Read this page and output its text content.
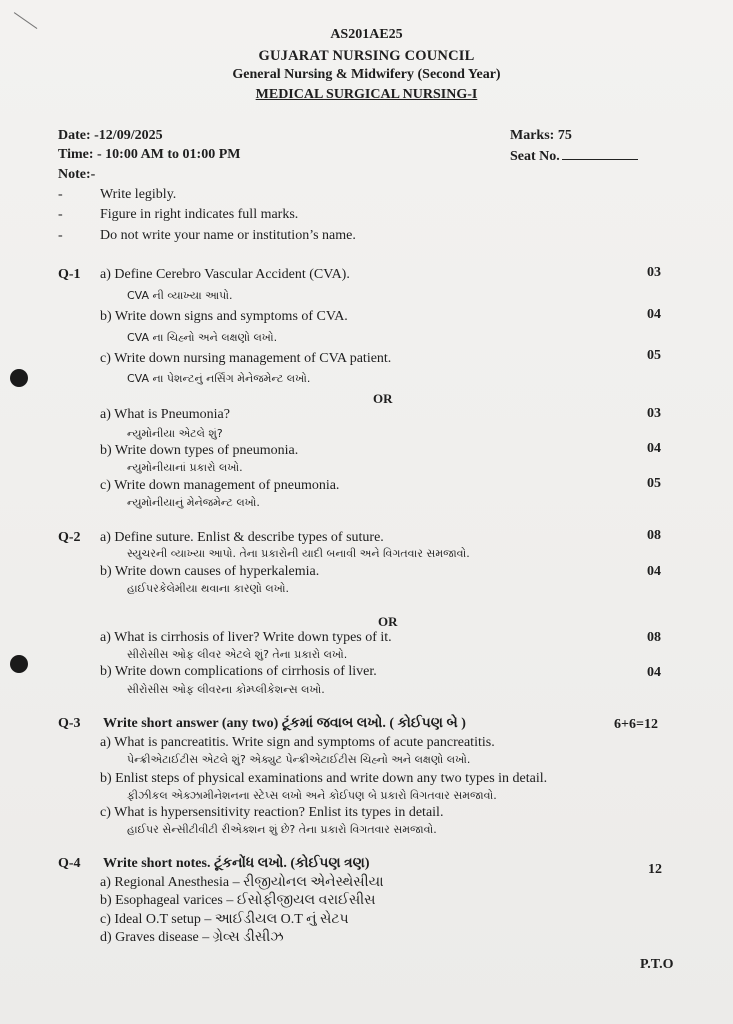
AS201AE25
GUJARAT NURSING COUNCIL
General Nursing & Midwifery (Second Year)
MEDICAL SURGICAL NURSING-I
Date: -12/09/2025	Marks: 75
Time: - 10:00 AM to 01:00 PM	Seat No.
Note:-
-	Write legibly.
-	Figure in right indicates full marks.
-	Do not write your name or institution’s name.
Q-1 a) Define Cerebro Vascular Accident (CVA).	03
CVA ની વ્યાખ્યા આપો.
b) Write down signs and symptoms of CVA.	04
CVA ના ચિહ્નો અને લક્ષણો લખો.
c) Write down nursing management of CVA patient.	05
CVA ના પેશન્ટનું નર્સિંગ મેનેજમેન્ટ લખો.
OR
a) What is Pneumonia?	03
ન્યુમોનીયા એટલે શું?
b) Write down types of pneumonia.	04
ન્યુમોનીયાનાં પ્રકારો લખો.
c) Write down management of pneumonia.	05
ન્યુમોનીયાનું મેનેજમેન્ટ લખો.
Q-2 a) Define suture. Enlist & describe types of suture.	08
સ્યુચરની વ્યાખ્યા આપો. તેના પ્રકારોની યાદી બનાવી અને વિગતવાર સમજાવો.
b) Write down causes of hyperkalemia.	04
હાઈપરકેલેમીયા થવાના કારણો લખો.
OR
a) What is cirrhosis of liver? Write down types of it.	08
સીરોસીસ ઓફ લીવર એટલે શું? તેના પ્રકારો લખો.
b) Write down complications of cirrhosis of liver.	04
સીરોસીસ ઓફ લીવરના કોમ્પ્લીકેશન્સ લખો.
Q-3 Write short answer (any two) ટૂંકમાં જવાબ લખો. ( કોઈપણ બે )	6+6=12
a) What is pancreatitis. Write sign and symptoms of acute pancreatitis.
પેન્ક્રીએટાઈટીસ એટલે શું? એક્યુટ પેન્ક્રીએટાઈટીસ ચિહ્નો અને લક્ષણો લખો.
b) Enlist steps of physical examinations and write down any two types in detail.
ફીઝીકલ એક્ઝામીનેશનના સ્ટેપ્સ લખો અને કોઈપણ બે પ્રકારો વિગતવાર સમજાવો.
c) What is hypersensitivity reaction? Enlist its types in detail.
હાઈપર સેન્સીટીવીટી રીએક્શન શું છે? તેના પ્રકારો વિગતવાર સમજાવો.
Q-4 Write short notes. ટૂંકનોંધ લખો. (કોઈપણ ત્રણ)	12
a) Regional Anesthesia – રીજીયોનલ એનેસ્થેસીયા
b) Esophageal varices – ઈસોફીજીયલ વરાઈસીસ
c) Ideal O.T setup – આઈડીયલ O.T નું સેટપ
d) Graves disease – ગ્રેવ્સ ડીસીઝ
P.T.O
